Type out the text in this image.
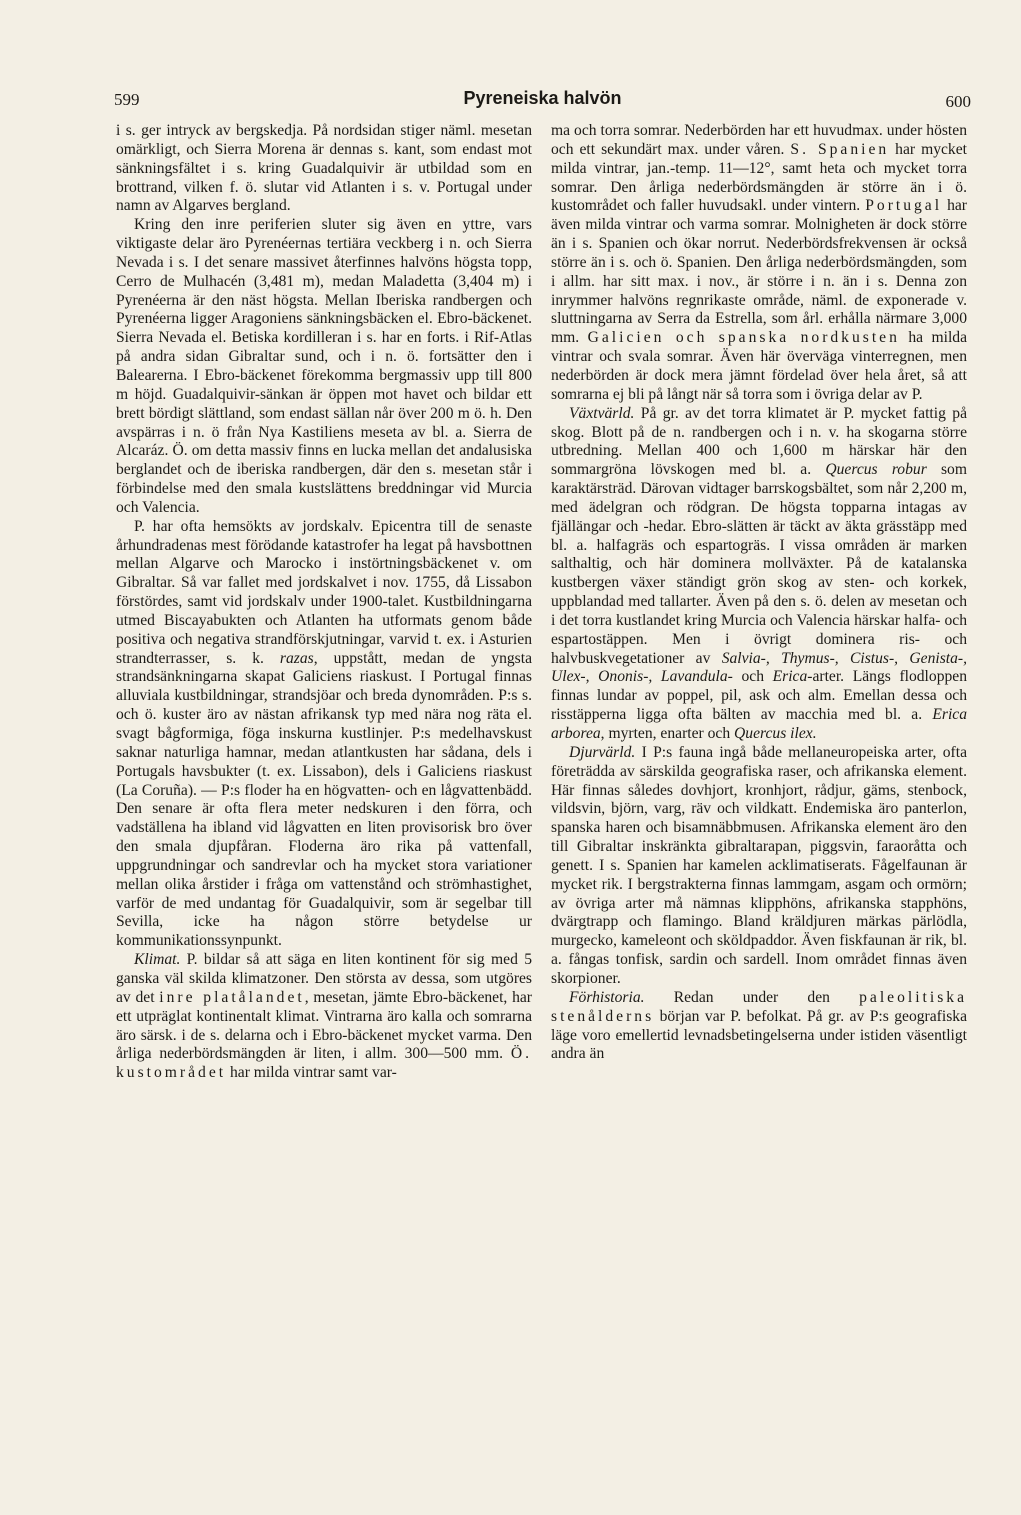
599	Pyreneiska halvön	600

i s. ger intryck av bergskedja. På nordsidan stiger näml. mesetan omärkligt, och Sierra Morena är dennas s. kant, som endast mot sänkningsfältet i s. kring Guadalquivir är utbildad som en brottrand, vilken f. ö. slutar vid Atlanten i s. v. Portugal under namn av Algarves bergland.

Kring den inre periferien sluter sig även en yttre, vars viktigaste delar äro Pyrenéernas tertiära veckberg i n. och Sierra Nevada i s. I det senare massivet återfinnes halvöns högsta topp, Cerro de Mulhacén (3,481 m), medan Maladetta (3,404 m) i Pyrenéerna är den näst högsta. Mellan Iberiska randbergen och Pyrenéerna ligger Aragoniens sänkningsbäcken el. Ebro-bäckenet. Sierra Nevada el. Betiska kordilleran i s. har en forts. i Rif-Atlas på andra sidan Gibraltar sund, och i n. ö. fortsätter den i Balearerna. I Ebro-bäckenet förekomma bergmassiv upp till 800 m höjd. Guadalquivir-sänkan är öppen mot havet och bildar ett brett bördigt slättland, som endast sällan når över 200 m ö. h. Den avspärras i n. ö från Nya Kastiliens meseta av bl. a. Sierra de Alcaráz. Ö. om detta massiv finns en lucka mellan det andalusiska berglandet och de iberiska randbergen, där den s. mesetan står i förbindelse med den smala kustslättens breddningar vid Murcia och Valencia.

P. har ofta hemsökts av jordskalv. Epicentra till de senaste århundradenas mest förödande katastrofer ha legat på havsbottnen mellan Algarve och Marocko i instörtningsbäckenet v. om Gibraltar. Så var fallet med jordskalvet i nov. 1755, då Lissabon förstördes, samt vid jordskalv under 1900-talet. Kustbildningarna utmed Biscayabukten och Atlanten ha utformats genom både positiva och negativa strandförskjutningar, varvid t. ex. i Asturien strandterrasser, s. k. razas, uppstått, medan de yngsta strandsänkningarna skapat Galiciens riaskust. I Portugal finnas alluviala kustbildningar, strandsjöar och breda dynområden. P:s s. och ö. kuster äro av nästan afrikansk typ med nära nog räta el. svagt bågformiga, föga inskurna kustlinjer. P:s medelhavskust saknar naturliga hamnar, medan atlantkusten har sådana, dels i Portugals havsbukter (t. ex. Lissabon), dels i Galiciens riaskust (La Coruña). — P:s floder ha en högvatten- och en lågvattenbädd. Den senare är ofta flera meter nedskuren i den förra, och vadställena ha ibland vid lågvatten en liten provisorisk bro över den smala djupfåran. Floderna äro rika på vattenfall, uppgrundningar och sandrevlar och ha mycket stora variationer mellan olika årstider i fråga om vattenstånd och strömhastighet, varför de med undantag för Guadalquivir, som är segelbar till Sevilla, icke ha någon större betydelse ur kommunikationssynpunkt.

Klimat. P. bildar så att säga en liten kontinent för sig med 5 ganska väl skilda klimatzoner. Den största av dessa, som utgöres av det inre platålandet, mesetan, jämte Ebro-bäckenet, har ett utpräglat kontinentalt klimat. Vintrarna äro kalla och somrarna äro särsk. i de s. delarna och i Ebro-bäckenet mycket varma. Den årliga nederbördsmängden är liten, i allm. 300—500 mm. Ö. kustområdet har milda vintrar samt var-

ma och torra somrar. Nederbörden har ett huvudmax. under hösten och ett sekundärt max. under våren. S. Spanien har mycket milda vintrar, jan.-temp. 11—12°, samt heta och mycket torra somrar. Den årliga nederbördsmängden är större än i ö. kustområdet och faller huvudsakl. under vintern. Portugal har även milda vintrar och varma somrar. Molnigheten är dock större än i s. Spanien och ökar norrut. Nederbördsfrekvensen är också större än i s. och ö. Spanien. Den årliga nederbördsmängden, som i allm. har sitt max. i nov., är större i n. än i s. Denna zon inrymmer halvöns regnrikaste område, näml. de exponerade v. sluttningarna av Serra da Estrella, som årl. erhålla närmare 3,000 mm. Galicien och spanska nordkusten ha milda vintrar och svala somrar. Även här överväga vinterregnen, men nederbörden är dock mera jämnt fördelad över hela året, så att somrarna ej bli på långt när så torra som i övriga delar av P.

Växtvärld. På gr. av det torra klimatet är P. mycket fattig på skog. Blott på de n. randbergen och i n. v. ha skogarna större utbredning. Mellan 400 och 1,600 m härskar här den sommargröna lövskogen med bl. a. Quercus robur som karaktärsträd. Därovan vidtager barrskogsbältet, som når 2,200 m, med ädelgran och rödgran. De högsta topparna intagas av fjällängar och -hedar. Ebro-slätten är täckt av äkta grässtäpp med bl. a. halfagräs och espartogräs. I vissa områden är marken salthaltig, och här dominera mollväxter. På de katalanska kustbergen växer ständigt grön skog av sten- och korkek, uppblandad med tallarter. Även på den s. ö. delen av mesetan och i det torra kustlandet kring Murcia och Valencia härskar halfa- och espartostäppen. Men i övrigt dominera ris- och halvbuskvegetationer av Salvia-, Thymus-, Cistus-, Genista-, Ulex-, Ononis-, Lavandula- och Erica-arter. Längs flodloppen finnas lundar av poppel, pil, ask och alm. Emellan dessa och risstäpperna ligga ofta bälten av macchia med bl. a. Erica arborea, myrten, enarter och Quercus ilex.

Djurvärld. I P:s fauna ingå både mellaneuropeiska arter, ofta företrädda av särskilda geografiska raser, och afrikanska element. Här finnas således dovhjort, kronhjort, rådjur, gäms, stenbock, vildsvin, björn, varg, räv och vildkatt. Endemiska äro panterlon, spanska haren och bisamnäbbmusen. Afrikanska element äro den till Gibraltar inskränkta gibraltarapan, piggsvin, faraoråtta och genett. I s. Spanien har kamelen acklimatiserats. Fågelfaunan är mycket rik. I bergstrakterna finnas lammgam, asgam och ormörn; av övriga arter må nämnas klipphöns, afrikanska stapphöns, dvärgtrapp och flamingo. Bland kräldjuren märkas pärlödla, murgecko, kameleont och sköldpaddor. Även fiskfaunan är rik, bl. a. fångas tonfisk, sardin och sardell. Inom området finnas även skorpioner.

Förhistoria. Redan under den paleolitiska stenålderns början var P. befolkat. På gr. av P:s geografiska läge voro emellertid levnadsbetingelserna under istiden väsentligt andra än
